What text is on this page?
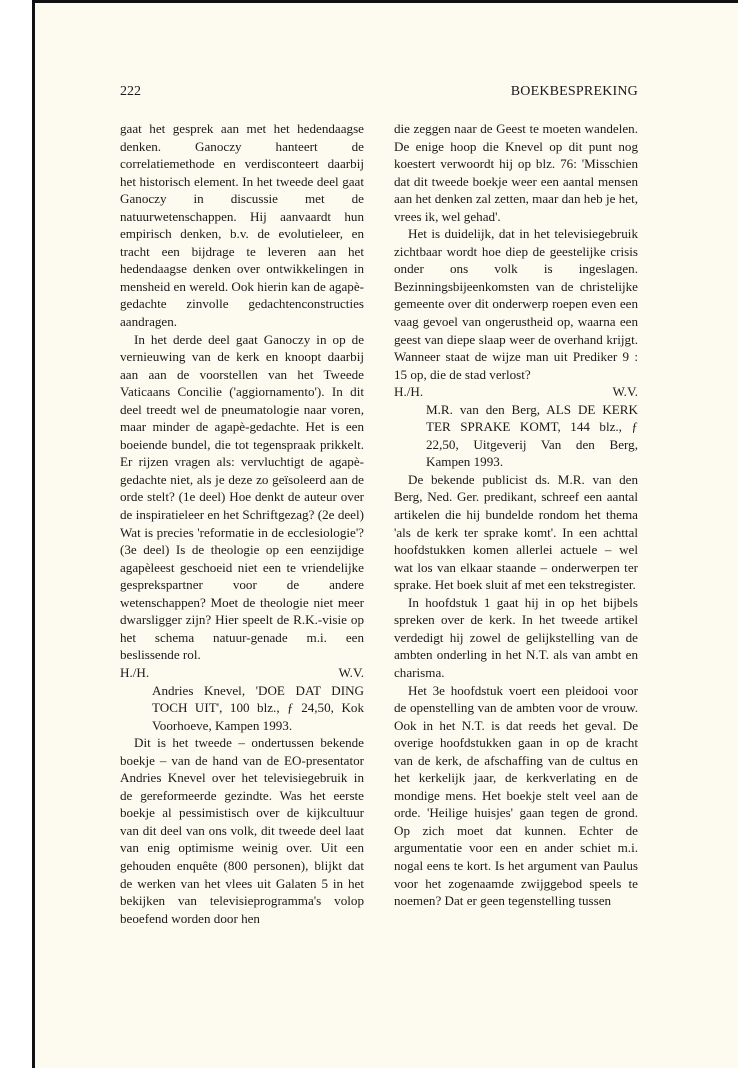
222	BOEKBESPREKING

gaat het gesprek aan met het hedendaagse denken. Ganoczy hanteert de correlatiemethode en verdisconteert daarbij het historisch element. In het tweede deel gaat Ganoczy in discussie met de natuurwetenschappen. Hij aanvaardt hun empirisch denken, b.v. de evolutieleer, en tracht een bijdrage te leveren aan het hedendaagse denken over ontwikkelingen in mensheid en wereld. Ook hierin kan de agapè-gedachte zinvolle gedachtenconstructies aandragen.

In het derde deel gaat Ganoczy in op de vernieuwing van de kerk en knoopt daarbij aan aan de voorstellen van het Tweede Vaticaans Concilie ('aggiornamento'). In dit deel treedt wel de pneumatologie naar voren, maar minder de agapè-gedachte. Het is een boeiende bundel, die tot tegenspraak prikkelt. Er rijzen vragen als: vervluchtigt de agapè-gedachte niet, als je deze zo geïsoleerd aan de orde stelt? (1e deel) Hoe denkt de auteur over de inspiratieleer en het Schriftgezag? (2e deel) Wat is precies 'reformatie in de ecclesiologie'? (3e deel) Is de theologie op een eenzijdige agapèleest geschoeid niet een te vriendelijke gesprekspartner voor de andere wetenschappen? Moet de theologie niet meer dwarsligger zijn? Hier speelt de R.K.-visie op het schema natuur-genade m.i. een beslissende rol.

H./H.	W.V.

Andries Knevel, 'DOE DAT DING TOCH UIT', 100 blz., ƒ 24,50, Kok Voorhoeve, Kampen 1993.

Dit is het tweede – ondertussen bekende boekje – van de hand van de EO-presentator Andries Knevel over het televisiegebruik in de gereformeerde gezindte. Was het eerste boekje al pessimistisch over de kijkcultuur van dit deel van ons volk, dit tweede deel laat van enig optimisme weinig over. Uit een gehouden enquête (800 personen), blijkt dat de werken van het vlees uit Galaten 5 in het bekijken van televisieprogramma's volop beoefend worden door hen

die zeggen naar de Geest te moeten wandelen. De enige hoop die Knevel op dit punt nog koestert verwoordt hij op blz. 76: 'Misschien dat dit tweede boekje weer een aantal mensen aan het denken zal zetten, maar dan heb je het, vrees ik, wel gehad'.

Het is duidelijk, dat in het televisiegebruik zichtbaar wordt hoe diep de geestelijke crisis onder ons volk is ingeslagen. Bezinningsbijeenkomsten van de christelijke gemeente over dit onderwerp roepen even een vaag gevoel van ongerustheid op, waarna een geest van diepe slaap weer de overhand krijgt. Wanneer staat de wijze man uit Prediker 9 : 15 op, die de stad verlost?

H./H.	W.V.

M.R. van den Berg, ALS DE KERK TER SPRAKE KOMT, 144 blz., ƒ 22,50, Uitgeverij Van den Berg, Kampen 1993.

De bekende publicist ds. M.R. van den Berg, Ned. Ger. predikant, schreef een aantal artikelen die hij bundelde rondom het thema 'als de kerk ter sprake komt'. In een achttal hoofdstukken komen allerlei actuele – wel wat los van elkaar staande – onderwerpen ter sprake. Het boek sluit af met een tekstregister.

In hoofdstuk 1 gaat hij in op het bijbels spreken over de kerk. In het tweede artikel verdedigt hij zowel de gelijkstelling van de ambten onderling in het N.T. als van ambt en charisma.

Het 3e hoofdstuk voert een pleidooi voor de openstelling van de ambten voor de vrouw. Ook in het N.T. is dat reeds het geval. De overige hoofdstukken gaan in op de kracht van de kerk, de afschaffing van de cultus en het kerkelijk jaar, de kerkverlating en de mondige mens. Het boekje stelt veel aan de orde. 'Heilige huisjes' gaan tegen de grond. Op zich moet dat kunnen. Echter de argumentatie voor een en ander schiet m.i. nogal eens te kort. Is het argument van Paulus voor het zogenaamde zwijggebod speels te noemen? Dat er geen tegenstelling tussen
